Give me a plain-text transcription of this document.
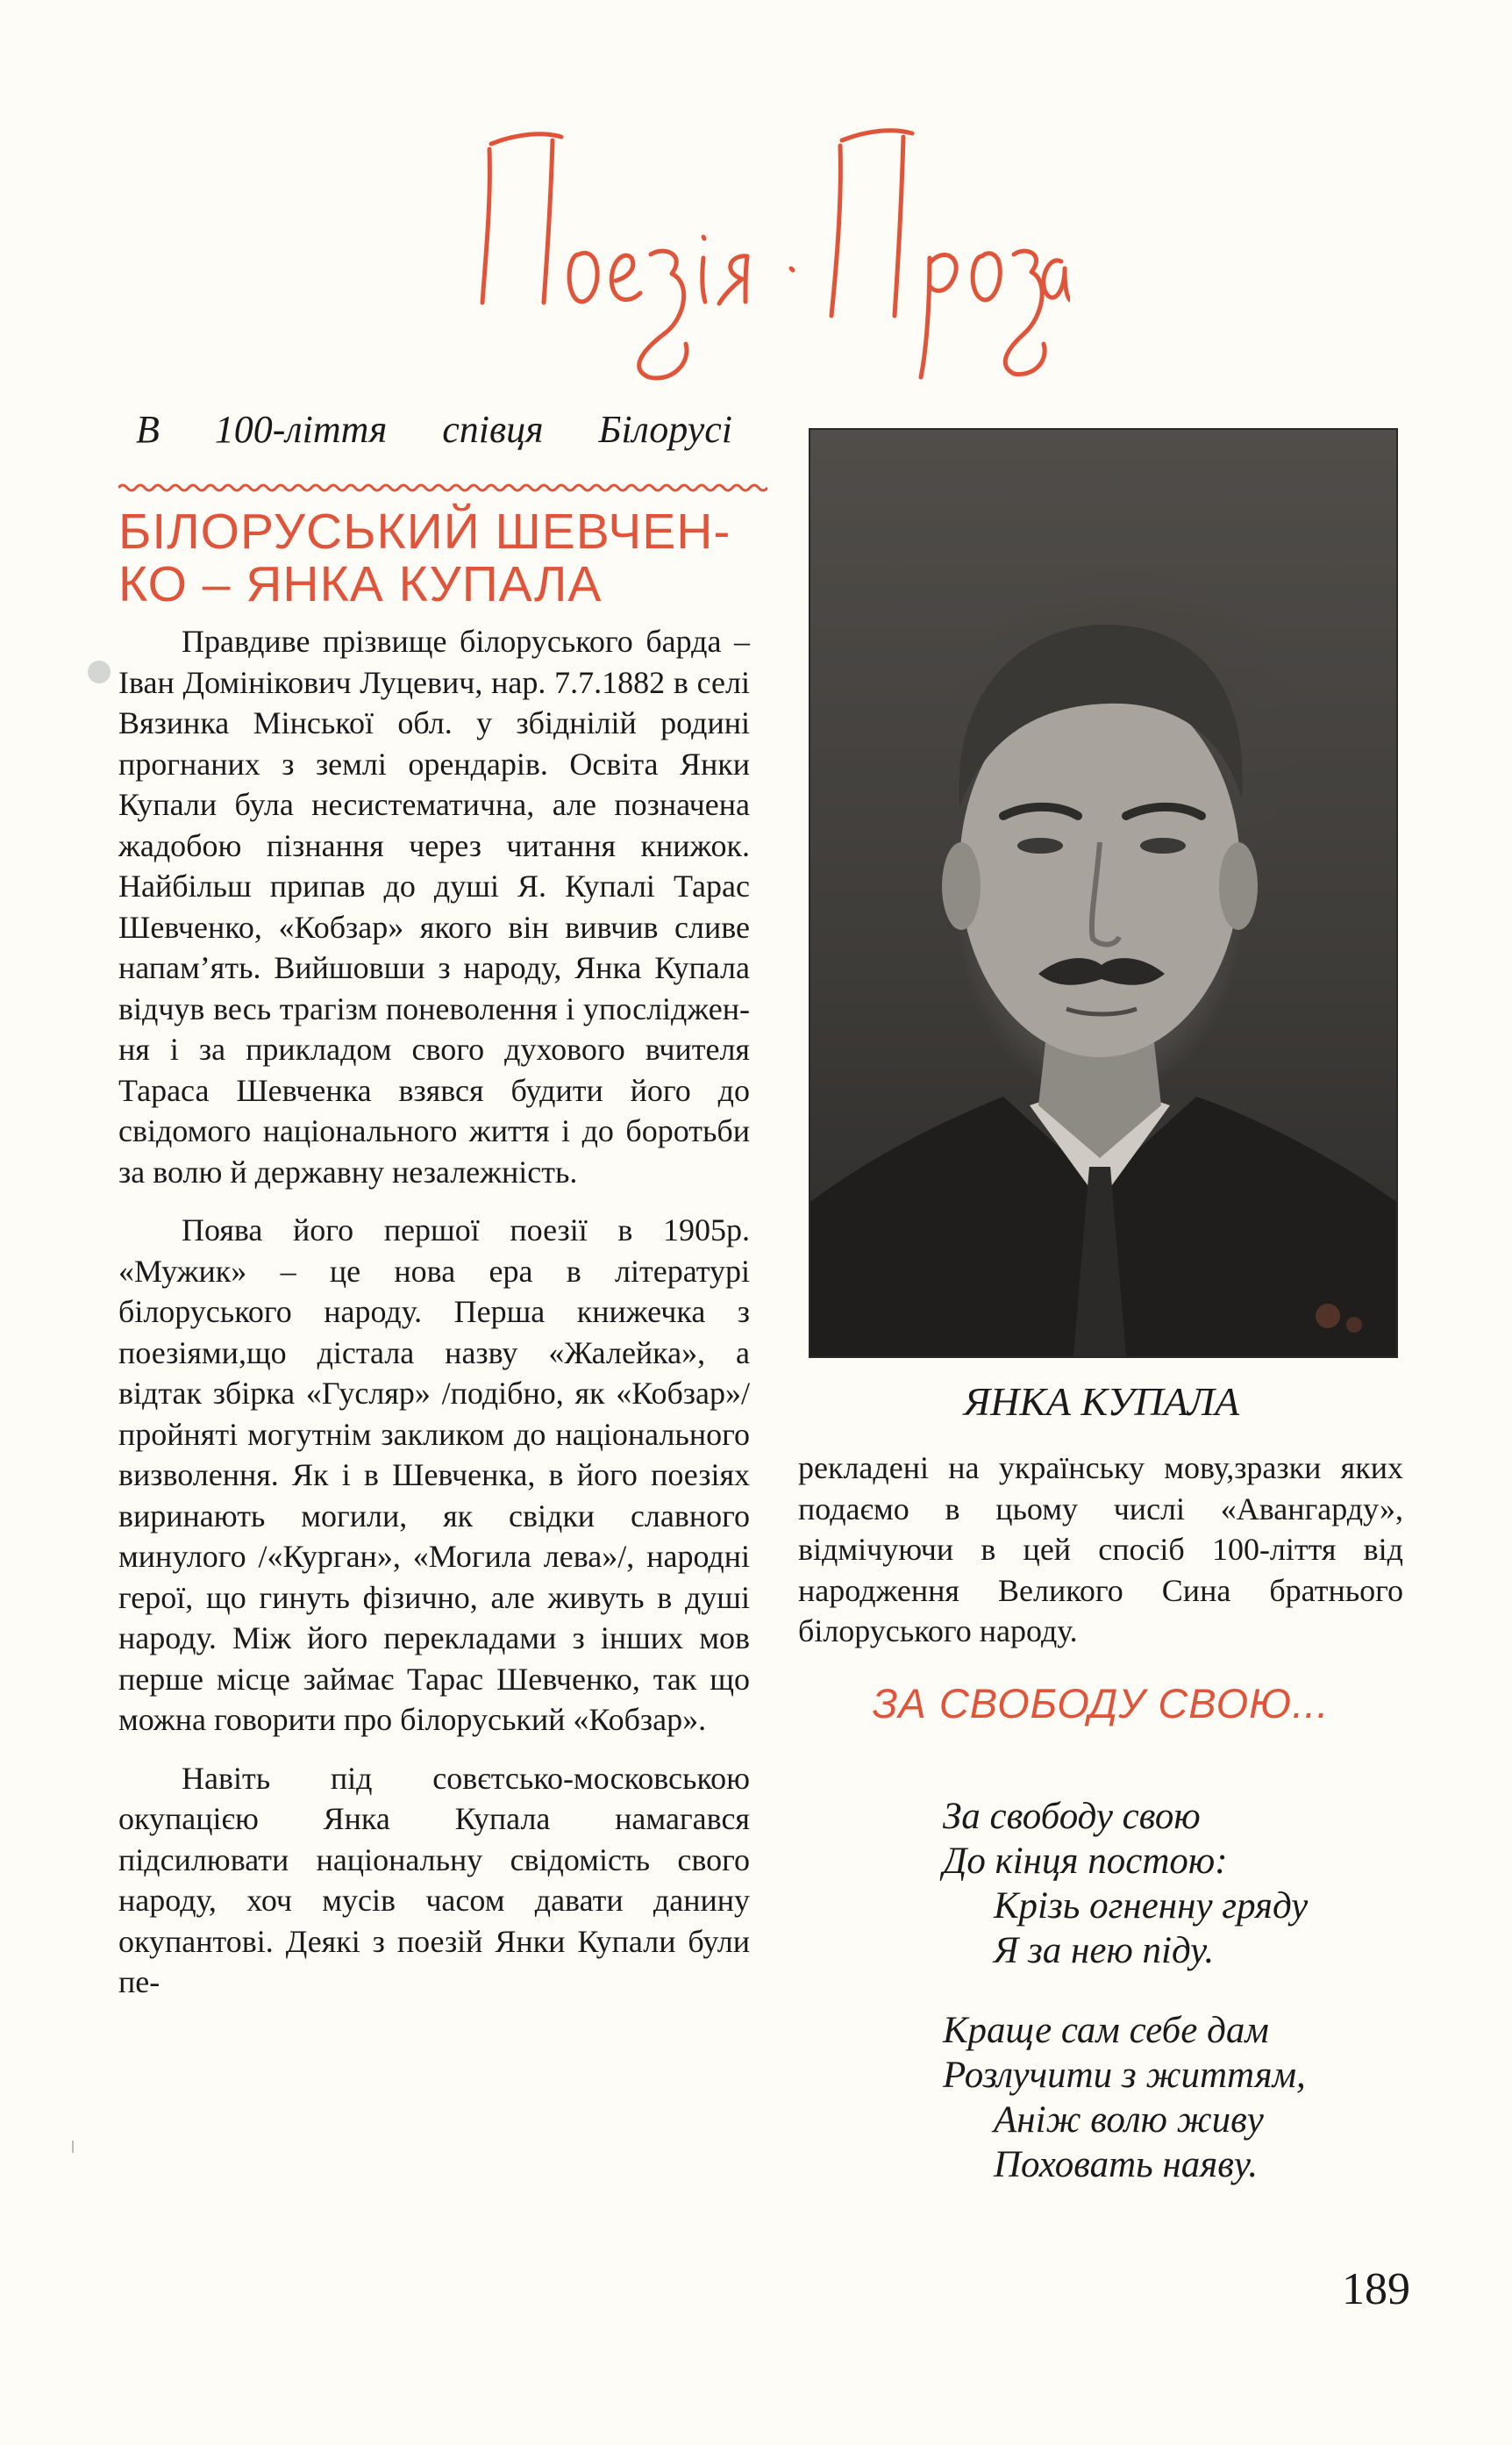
В 100-ліття співця Білорусі
БІЛОРУСЬКИЙ ШЕВЧЕН-
КО – ЯНКА КУПАЛА

Правдиве прізвище білоруського барда – Іван Домінікович Луцевич, нар. 7.7.1882 в селі Вязинка Мінської обл. у збіднілій родині прогнаних з землі орендарів. Освіта Янки Купали була несистематична, але позначена жадобою пізнання через читання книжок. Найбільш припав до душі Я. Купалі Тарас Шевченко, «Кобзар» якого він вивчив сливе напам’ять. Вийшовши з народу, Янка Купала відчув весь трагізм поневолення і упослідження і за прикладом свого духового вчителя Тараса Шевченка взявся будити його до свідомого національного життя і до боротьби за волю й державну незалежність.

Поява його першої поезії в 1905р. «Мужик» – це нова ера в літературі білоруського народу. Перша книжечка з поезіями,що дістала назву «Жалейка», а відтак збірка «Гусляр» /подібно, як «Кобзар»/ пройняті могутнім закликом до національного визволення. Як і в Шевченка, в його поезіях виринають могили, як свідки славного минулого /«Курган», «Могила лева»/, народні герої, що гинуть фізично, але живуть в душі народу. Між його перекладами з інших мов перше місце займає Тарас Шевченко, так що можна говорити про білоруський «Кобзар».

Навіть під совєтсько-московською окупацією Янка Купала намагався підсилювати національну свідомість свого народу, хоч мусів часом давати данину окупантові. Деякі з поезій Янки Купали були пе-

ЯНКА КУПАЛА

рекладені на українську мову,зразки яких подаємо в цьому числі «Авангарду», відмічуючи в цей спосіб 100-ліття від народження Великого Сина братнього білоруського народу.

ЗА СВОБОДУ СВОЮ...
За свободу свою
До кінця постою:
Крізь огненну гряду
Я за нею піду.
Краще сам себе дам
Розлучити з життям,
Аніж волю живу
Поховать наяву.
189
